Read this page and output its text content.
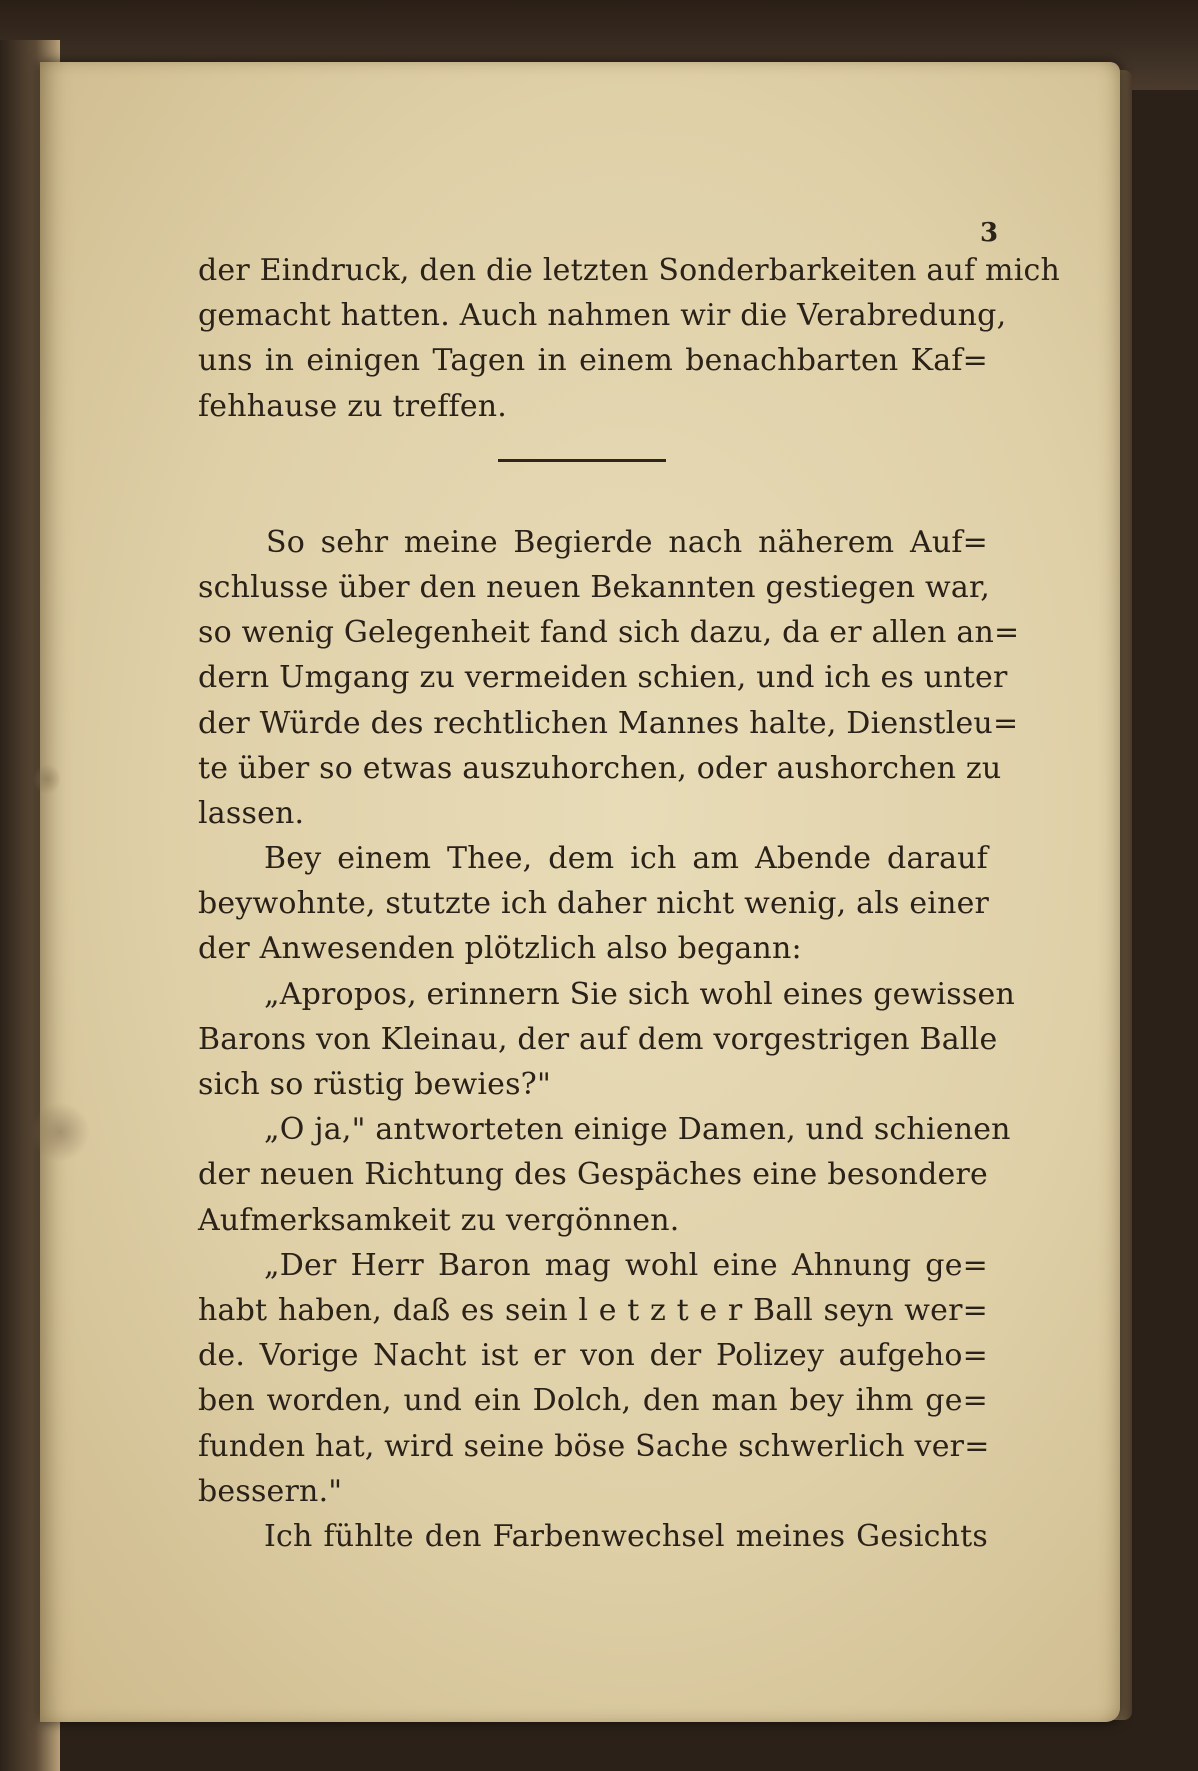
3
der Eindruck, den die letzten Sonderbarkeiten auf mich
gemacht hatten. Auch nahmen wir die Verabredung,
uns in einigen Tagen in einem benachbarten Kaf=
fehhause zu treffen.
So sehr meine Begierde nach näherem Auf=
schlusse über den neuen Bekannten gestiegen war,
so wenig Gelegenheit fand sich dazu, da er allen an=
dern Umgang zu vermeiden schien, und ich es unter
der Würde des rechtlichen Mannes halte, Dienstleu=
te über so etwas auszuhorchen, oder aushorchen zu
lassen.
Bey einem Thee, dem ich am Abende darauf
beywohnte, stutzte ich daher nicht wenig, als einer
der Anwesenden plötzlich also begann:
„Apropos, erinnern Sie sich wohl eines gewissen
Barons von Kleinau, der auf dem vorgestrigen Balle
sich so rüstig bewies?"
„O ja," antworteten einige Damen, und schienen
der neuen Richtung des Gespäches eine besondere
Aufmerksamkeit zu vergönnen.
„Der Herr Baron mag wohl eine Ahnung ge=
habt haben, daß es sein l e t z t e r Ball seyn wer=
de. Vorige Nacht ist er von der Polizey aufgeho=
ben worden, und ein Dolch, den man bey ihm ge=
funden hat, wird seine böse Sache schwerlich ver=
bessern."
Ich fühlte den Farbenwechsel meines Gesichts
